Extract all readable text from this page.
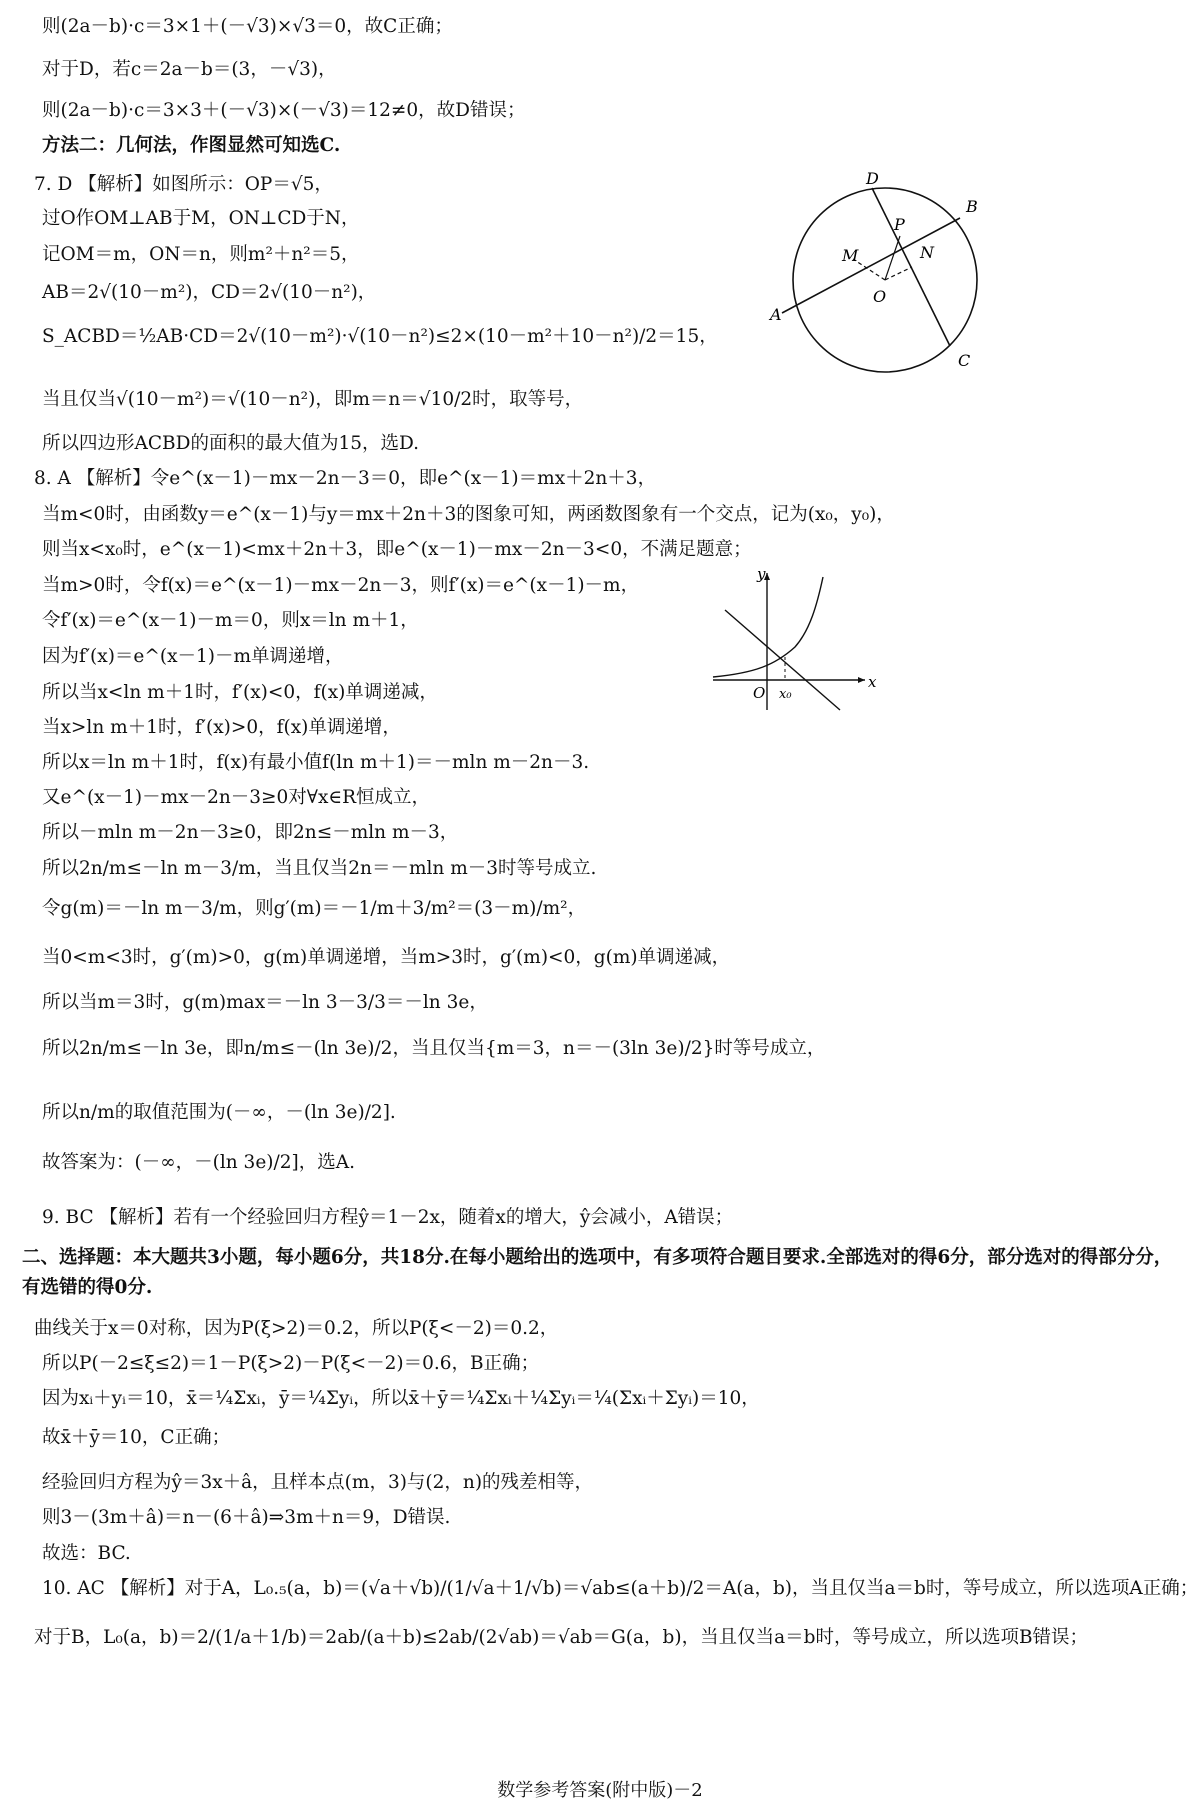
则(2a－b)·c＝3×1＋(－√3)×√3＝0，故C正确；
对于D，若c＝2a－b＝(3，－√3)，
则(2a－b)·c＝3×3＋(－√3)×(－√3)＝12≠0，故D错误；
方法二：几何法，作图显然可知选C.
7. D 【解析】如图所示：OP＝√5，
过O作OM⊥AB于M，ON⊥CD于N，
记OM＝m，ON＝n，则m²＋n²＝5，
AB＝2√(10－m²)，CD＝2√(10－n²)，
S_ACBD＝½AB·CD＝2√(10－m²)·√(10－n²)≤2×(10－m²＋10－n²)/2＝15，
当且仅当√(10－m²)＝√(10－n²)，即m＝n＝√10/2时，取等号，
所以四边形ACBD的面积的最大值为15，选D.
8. A 【解析】令e^(x－1)－mx－2n－3＝0，即e^(x－1)＝mx＋2n＋3，
当m<0时，由函数y＝e^(x－1)与y＝mx＋2n＋3的图象可知，两函数图象有一个交点，记为(x₀，y₀)，
则当x<x₀时，e^(x－1)<mx＋2n＋3，即e^(x－1)－mx－2n－3<0，不满足题意；
当m>0时，令f(x)＝e^(x－1)－mx－2n－3，则f′(x)＝e^(x－1)－m，
令f′(x)＝e^(x－1)－m＝0，则x＝ln m＋1，
因为f′(x)＝e^(x－1)－m单调递增，
所以当x<ln m＋1时，f′(x)<0，f(x)单调递减，
当x>ln m＋1时，f′(x)>0，f(x)单调递增，
所以x＝ln m＋1时，f(x)有最小值f(ln m＋1)＝－mln m－2n－3.
又e^(x－1)－mx－2n－3≥0对∀x∈R恒成立，
所以－mln m－2n－3≥0，即2n≤－mln m－3，
所以2n/m≤－ln m－3/m，当且仅当2n＝－mln m－3时等号成立.
令g(m)＝－ln m－3/m，则g′(m)＝－1/m＋3/m²＝(3－m)/m²，
当0<m<3时，g′(m)>0，g(m)单调递增，当m>3时，g′(m)<0，g(m)单调递减，
所以当m＝3时，g(m)max＝－ln 3－3/3＝－ln 3e，
所以2n/m≤－ln 3e，即n/m≤－(ln 3e)/2，当且仅当{m＝3，n＝－(3ln 3e)/2}时等号成立，
所以n/m的取值范围为(－∞，－(ln 3e)/2].
故答案为：(－∞，－(ln 3e)/2]，选A.
9. BC 【解析】若有一个经验回归方程ŷ＝1－2x，随着x的增大，ŷ会减小，A错误；
二、选择题：本大题共3小题，每小题6分，共18分.在每小题给出的选项中，有多项符合题目要求.全部选对的得6分，部分选对的得部分分，有选错的得0分.
曲线关于x＝0对称，因为P(ξ>2)＝0.2，所以P(ξ<－2)＝0.2，
所以P(－2≤ξ≤2)＝1－P(ξ>2)－P(ξ<－2)＝0.6，B正确；
因为xᵢ＋yᵢ＝10，x̄＝¼Σxᵢ，ȳ＝¼Σyᵢ，所以x̄＋ȳ＝¼Σxᵢ＋¼Σyᵢ＝¼(Σxᵢ＋Σyᵢ)＝10，
故x̄＋ȳ＝10，C正确；
经验回归方程为ŷ＝3x＋â，且样本点(m，3)与(2，n)的残差相等，
则3－(3m＋â)＝n－(6＋â)⇒3m＋n＝9，D错误.
故选：BC.
10. AC 【解析】对于A，L₀.₅(a，b)＝(√a＋√b)/(1/√a＋1/√b)＝√ab≤(a＋b)/2＝A(a，b)，当且仅当a＝b时，等号成立，所以选项A正确；
对于B，L₀(a，b)＝2/(1/a＋1/b)＝2ab/(a＋b)≤2ab/(2√ab)＝√ab＝G(a，b)，当且仅当a＝b时，等号成立，所以选项B错误；
D
B
P
M	N
O
A
C
y
x
O x₀
数学参考答案(附中版)－2
